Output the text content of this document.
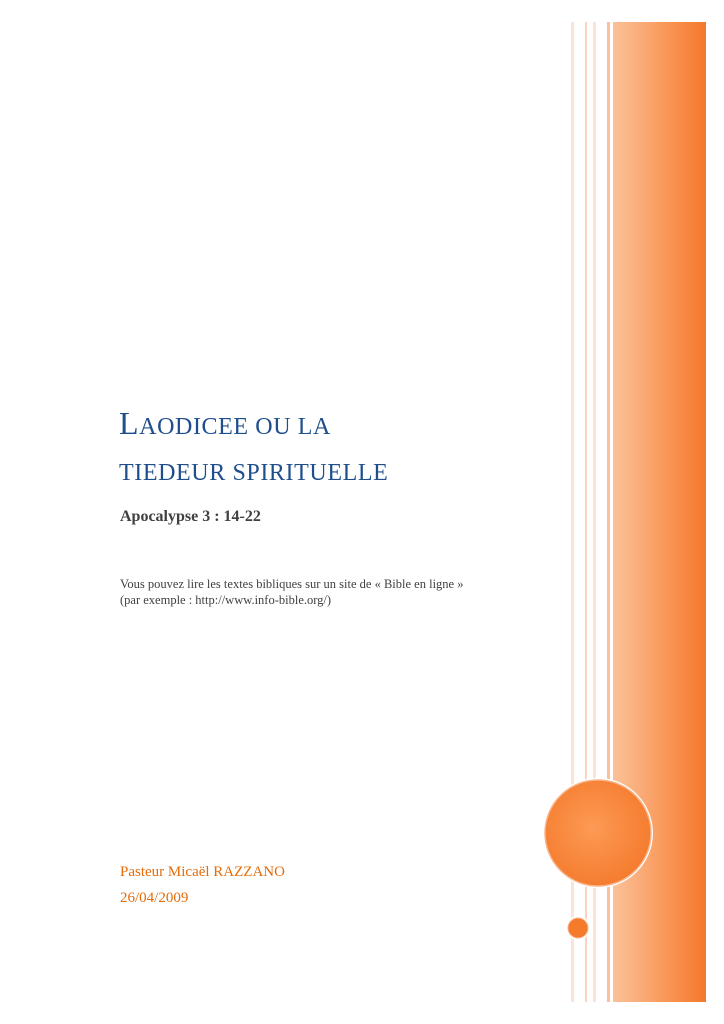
LAODICEE OU LA
TIEDEUR SPIRITUELLE

Apocalypse 3 : 14-22

Vous pouvez lire les textes bibliques sur un site de « Bible en ligne »
(par exemple : http://www.info-bible.org/)

Pasteur Micaël RAZZANO

26/04/2009
